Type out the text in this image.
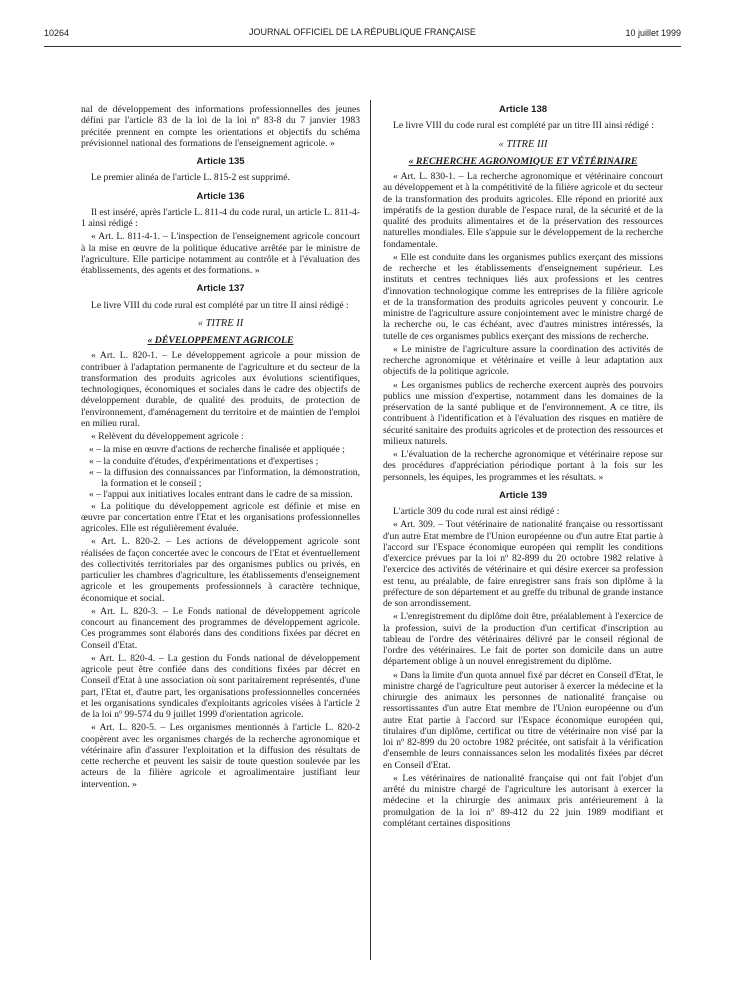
10264	JOURNAL OFFICIEL DE LA RÉPUBLIQUE FRANÇAISE	10 juillet 1999

nal de développement des informations professionnelles des jeunes défini par l'article 83 de la loi de la loi nº 83-8 du 7 janvier 1983 précitée prennent en compte les orientations et objectifs du schéma prévisionnel national des formations de l'enseignement agricole. »

Article 135

Le premier alinéa de l'article L. 815-2 est supprimé.

Article 136

Il est inséré, après l'article L. 811-4 du code rural, un article L. 811-4-1 ainsi rédigé :

« Art. L. 811-4-1. – L'inspection de l'enseignement agricole concourt à la mise en œuvre de la politique éducative arrêtée par le ministre de l'agriculture. Elle participe notamment au contrôle et à l'évaluation des établissements, des agents et des formations. »

Article 137

Le livre VIII du code rural est complété par un titre II ainsi rédigé :

« TITRE II
« DÉVELOPPEMENT AGRICOLE

« Art. L. 820-1. – Le développement agricole a pour mission de contribuer à l'adaptation permanente de l'agriculture et du secteur de la transformation des produits agricoles aux évolutions scientifiques, technologiques, économiques et sociales dans le cadre des objectifs de développement durable, de qualité des produits, de protection de l'environnement, d'aménagement du territoire et de maintien de l'emploi en milieu rural.

« Relèvent du développement agricole :

« – la mise en œuvre d'actions de recherche finalisée et appliquée ;

« – la conduite d'études, d'expérimentations et d'expertises ;

« – la diffusion des connaissances par l'information, la démonstration, la formation et le conseil ;

« – l'appui aux initiatives locales entrant dans le cadre de sa mission.

« La politique du développement agricole est définie et mise en œuvre par concertation entre l'Etat et les organisations professionnelles agricoles. Elle est régulièrement évaluée.

« Art. L. 820-2. – Les actions de développement agricole sont réalisées de façon concertée avec le concours de l'Etat et éventuellement des collectivités territoriales par des organismes publics ou privés, en particulier les chambres d'agriculture, les établissements d'enseignement agricole et les groupements professionnels à caractère technique, économique et social.

« Art. L. 820-3. – Le Fonds national de développement agricole concourt au financement des programmes de développement agricole. Ces programmes sont élaborés dans des conditions fixées par décret en Conseil d'Etat.

« Art. L. 820-4. – La gestion du Fonds national de développement agricole peut être confiée dans des conditions fixées par décret en Conseil d'Etat à une association où sont paritairement représentés, d'une part, l'Etat et, d'autre part, les organisations professionnelles concernées et les organisations syndicales d'exploitants agricoles visées à l'article 2 de la loi nº 99-574 du 9 juillet 1999 d'orientation agricole.

« Art. L. 820-5. – Les organismes mentionnés à l'article L. 820-2 coopèrent avec les organismes chargés de la recherche agronomique et vétérinaire afin d'assurer l'exploitation et la diffusion des résultats de cette recherche et peuvent les saisir de toute question soulevée par les acteurs de la filière agricole et agroalimentaire justifiant leur intervention. »

Article 138

Le livre VIII du code rural est complété par un titre III ainsi rédigé :

« TITRE III
« RECHERCHE AGRONOMIQUE ET VÉTÉRINAIRE

« Art. L. 830-1. – La recherche agronomique et vétérinaire concourt au développement et à la compétitivité de la filière agricole et du secteur de la transformation des produits agricoles. Elle répond en priorité aux impératifs de la gestion durable de l'espace rural, de la sécurité et de la qualité des produits alimentaires et de la préservation des ressources naturelles mondiales. Elle s'appuie sur le développement de la recherche fondamentale.

« Elle est conduite dans les organismes publics exerçant des missions de recherche et les établissements d'enseignement supérieur. Les instituts et centres techniques liés aux professions et les centres d'innovation technologique comme les entreprises de la filière agricole et de la transformation des produits agricoles peuvent y concourir. Le ministre de l'agriculture assure conjointement avec le ministre chargé de la recherche ou, le cas échéant, avec d'autres ministres intéressés, la tutelle de ces organismes publics exerçant des missions de recherche.

« Le ministre de l'agriculture assure la coordination des activités de recherche agronomique et vétérinaire et veille à leur adaptation aux objectifs de la politique agricole.

« Les organismes publics de recherche exercent auprès des pouvoirs publics une mission d'expertise, notamment dans les domaines de la préservation de la santé publique et de l'environnement. A ce titre, ils contribuent à l'identification et à l'évaluation des risques en matière de sécurité sanitaire des produits agricoles et de protection des ressources et milieux naturels.

« L'évaluation de la recherche agronomique et vétérinaire repose sur des procédures d'appréciation périodique portant à la fois sur les personnels, les équipes, les programmes et les résultats. »

Article 139

L'article 309 du code rural est ainsi rédigé :

« Art. 309. – Tout vétérinaire de nationalité française ou ressortissant d'un autre Etat membre de l'Union européenne ou d'un autre Etat partie à l'accord sur l'Espace économique européen qui remplit les conditions d'exercice prévues par la loi nº 82-899 du 20 octobre 1982 relative à l'exercice des activités de vétérinaire et qui désire exercer sa profession est tenu, au préalable, de faire enregistrer sans frais son diplôme à la préfecture de son département et au greffe du tribunal de grande instance de son arrondissement.

« L'enregistrement du diplôme doit être, préalablement à l'exercice de la profession, suivi de la production d'un certificat d'inscription au tableau de l'ordre des vétérinaires délivré par le conseil régional de l'ordre des vétérinaires. Le fait de porter son domicile dans un autre département oblige à un nouvel enregistrement du diplôme.

« Dans la limite d'un quota annuel fixé par décret en Conseil d'Etat, le ministre chargé de l'agriculture peut autoriser à exercer la médecine et la chirurgie des animaux les personnes de nationalité française ou ressortissantes d'un autre Etat membre de l'Union européenne ou d'un autre Etat partie à l'accord sur l'Espace économique européen qui, titulaires d'un diplôme, certificat ou titre de vétérinaire non visé par la loi nº 82-899 du 20 octobre 1982 précitée, ont satisfait à la vérification d'ensemble de leurs connaissances selon les modalités fixées par décret en Conseil d'Etat.

« Les vétérinaires de nationalité française qui ont fait l'objet d'un arrêté du ministre chargé de l'agriculture les autorisant à exercer la médecine et la chirurgie des animaux pris antérieurement à la promulgation de la loi nº 89-412 du 22 juin 1989 modifiant et complétant certaines dispositions
